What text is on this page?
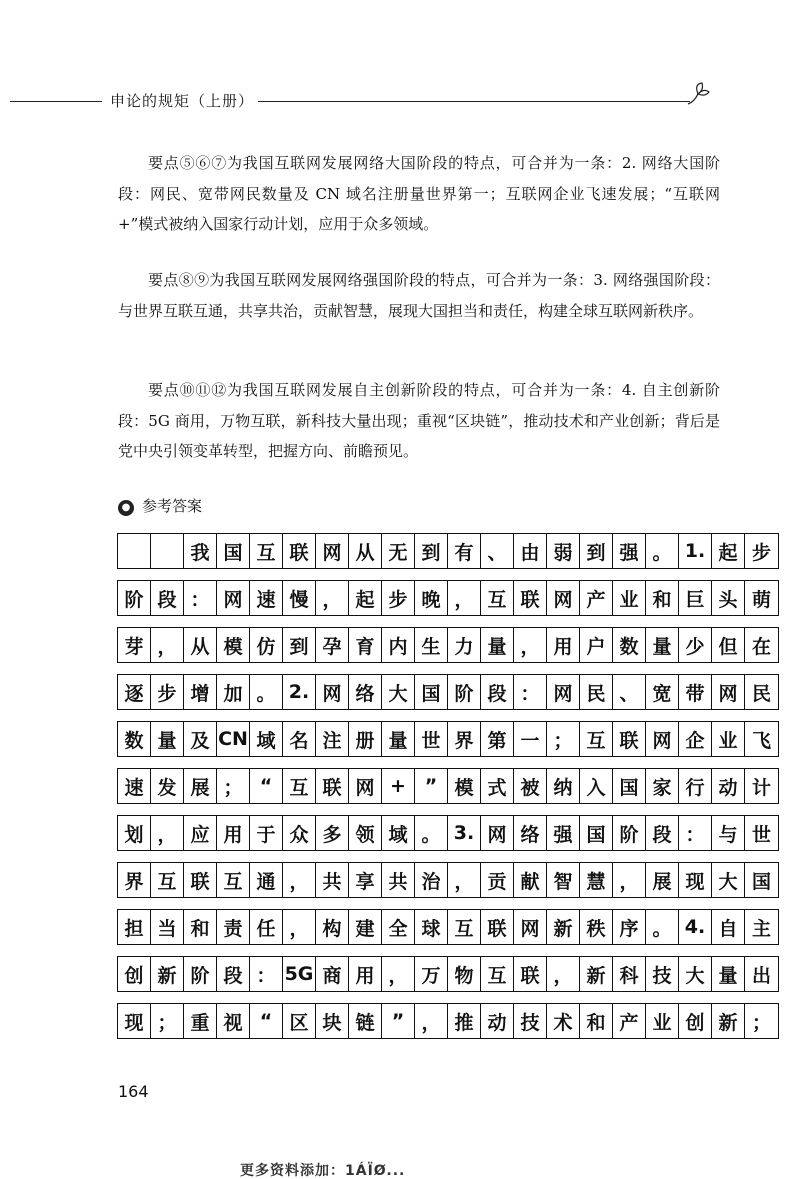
申论的规矩（上册）
要点⑤⑥⑦为我国互联网发展网络大国阶段的特点，可合并为一条：2. 网络大国阶段：网民、宽带网民数量及 CN 域名注册量世界第一；互联网企业飞速发展；“互联网 +”模式被纳入国家行动计划，应用于众多领域。
要点⑧⑨为我国互联网发展网络强国阶段的特点，可合并为一条：3. 网络强国阶段：与世界互联互通，共享共治，贡献智慧，展现大国担当和责任，构建全球互联网新秩序。
要点⑩⑪⑫为我国互联网发展自主创新阶段的特点，可合并为一条：4. 自主创新阶段：5G 商用，万物互联，新科技大量出现；重视“区块链”，推动技术和产业创新；背后是党中央引领变革转型，把握方向、前瞻预见。
● 参考答案
我 国 互 联 网 从 无 到 有 、 由 弱 到 强 。 1. 起 步
阶 段 ： 网 速 慢 ， 起 步 晚 ， 互 联 网 产 业 和 巨 头 萌
芽 ， 从 模 仿 到 孕 育 内 生 力 量 ， 用 户 数 量 少 但 在
逐 步 增 加 。 2. 网 络 大 国 阶 段 ： 网 民 、 宽 带 网 民
数 量 及 CN 域 名 注 册 量 世 界 第 一 ； 互 联 网 企 业 飞
速 发 展 ； “ 互 联 网 + ” 模 式 被 纳 入 国 家 行 动 计
划 ， 应 用 于 众 多 领 域 。 3. 网 络 强 国 阶 段 ： 与 世
界 互 联 互 通 ， 共 享 共 治 ， 贡 献 智 慧 ， 展 现 大 国
担 当 和 责 任 ， 构 建 全 球 互 联 网 新 秩 序 。 4. 自 主
创 新 阶 段 ： 5G 商 用 ， 万 物 互 联 ， 新 科 技 大 量 出
现 ； 重 视 “ 区 块 链 ” ， 推 动 技 术 和 产 业 创 新 ；
164
更多资料添加：1ÁÏØ...
